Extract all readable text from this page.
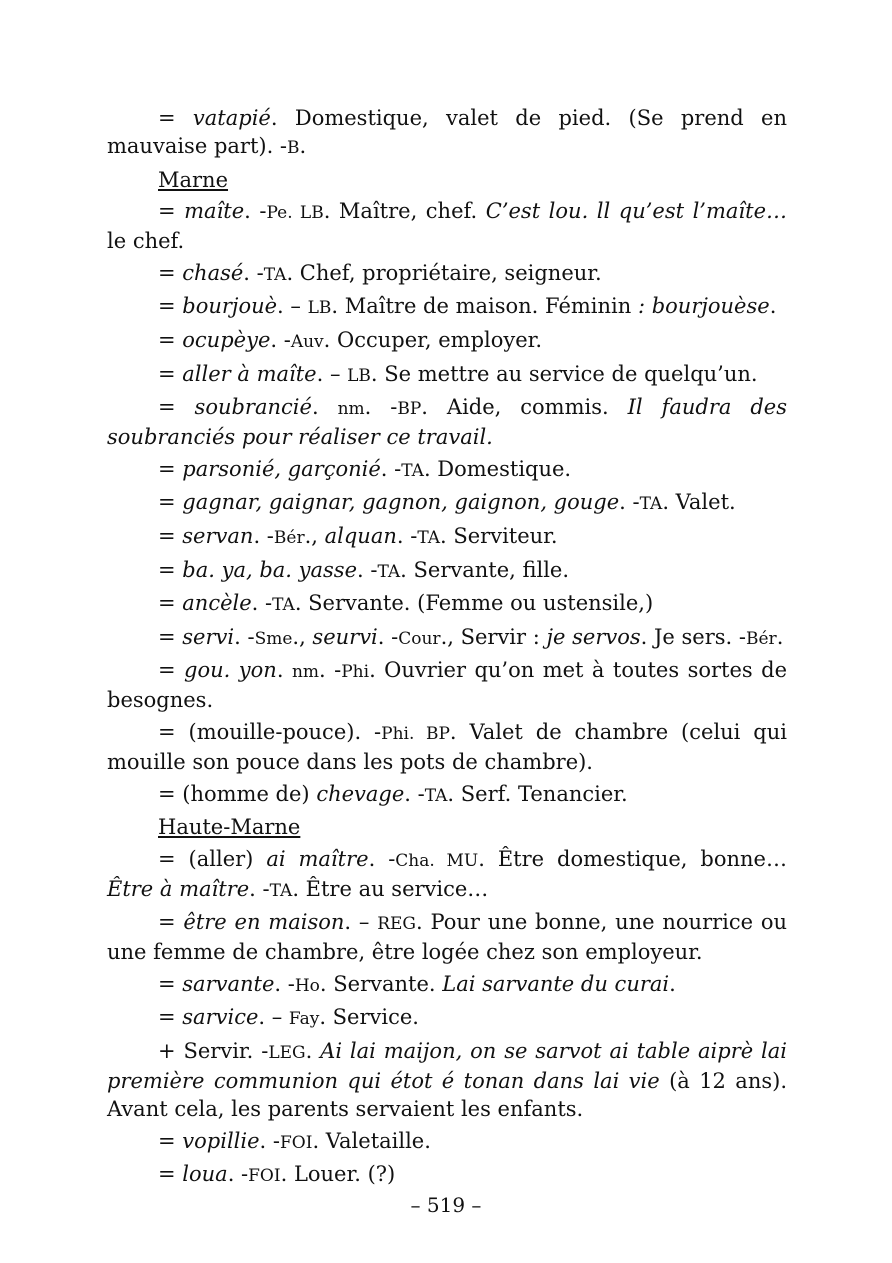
= vatapié. Domestique, valet de pied. (Se prend en mauvaise part). -B.

Marne

= maîte. -Pe. LB. Maître, chef. C’est lou. ll qu’est l’maîte… le chef.

= chasé. -TA. Chef, propriétaire, seigneur.

= bourjouè. – LB. Maître de maison. Féminin : bourjouèse.

= ocupèye. -Auv. Occuper, employer.

= aller à maîte. – LB. Se mettre au service de quelqu’un.

= soubrancié. nm. -BP. Aide, commis. Il faudra des soubranciés pour réaliser ce travail.

= parsonié, garçonié. -TA. Domestique.

= gagnar, gaignar, gagnon, gaignon, gouge. -TA. Valet.

= servan. -Bér., alquan. -TA. Serviteur.

= ba. ya, ba. yasse. -TA. Servante, fille.

= ancèle. -TA. Servante. (Femme ou ustensile,)

= servi. -Sme., seurvi. -Cour., Servir : je servos. Je sers. -Bér.

= gou. yon. nm. -Phi. Ouvrier qu’on met à toutes sortes de besognes.

= (mouille-pouce). -Phi. BP. Valet de chambre (celui qui mouille son pouce dans les pots de chambre).

= (homme de) chevage. -TA. Serf. Tenancier.

Haute-Marne

= (aller) ai maître. -Cha. MU. Être domestique, bonne… Être à maître. -TA. Être au service…

= être en maison. – REG. Pour une bonne, une nourrice ou une femme de chambre, être logée chez son employeur.

= sarvante. -Ho. Servante. Lai sarvante du curai.

= sarvice. – Fay. Service.

+ Servir. -LEG. Ai lai maijon, on se sarvot ai table aiprè lai première communion qui étot é tonan dans lai vie (à 12 ans). Avant cela, les parents servaient les enfants.

= vopillie. -FOI. Valetaille.

= loua. -FOI. Louer. (?)

– 519 –
